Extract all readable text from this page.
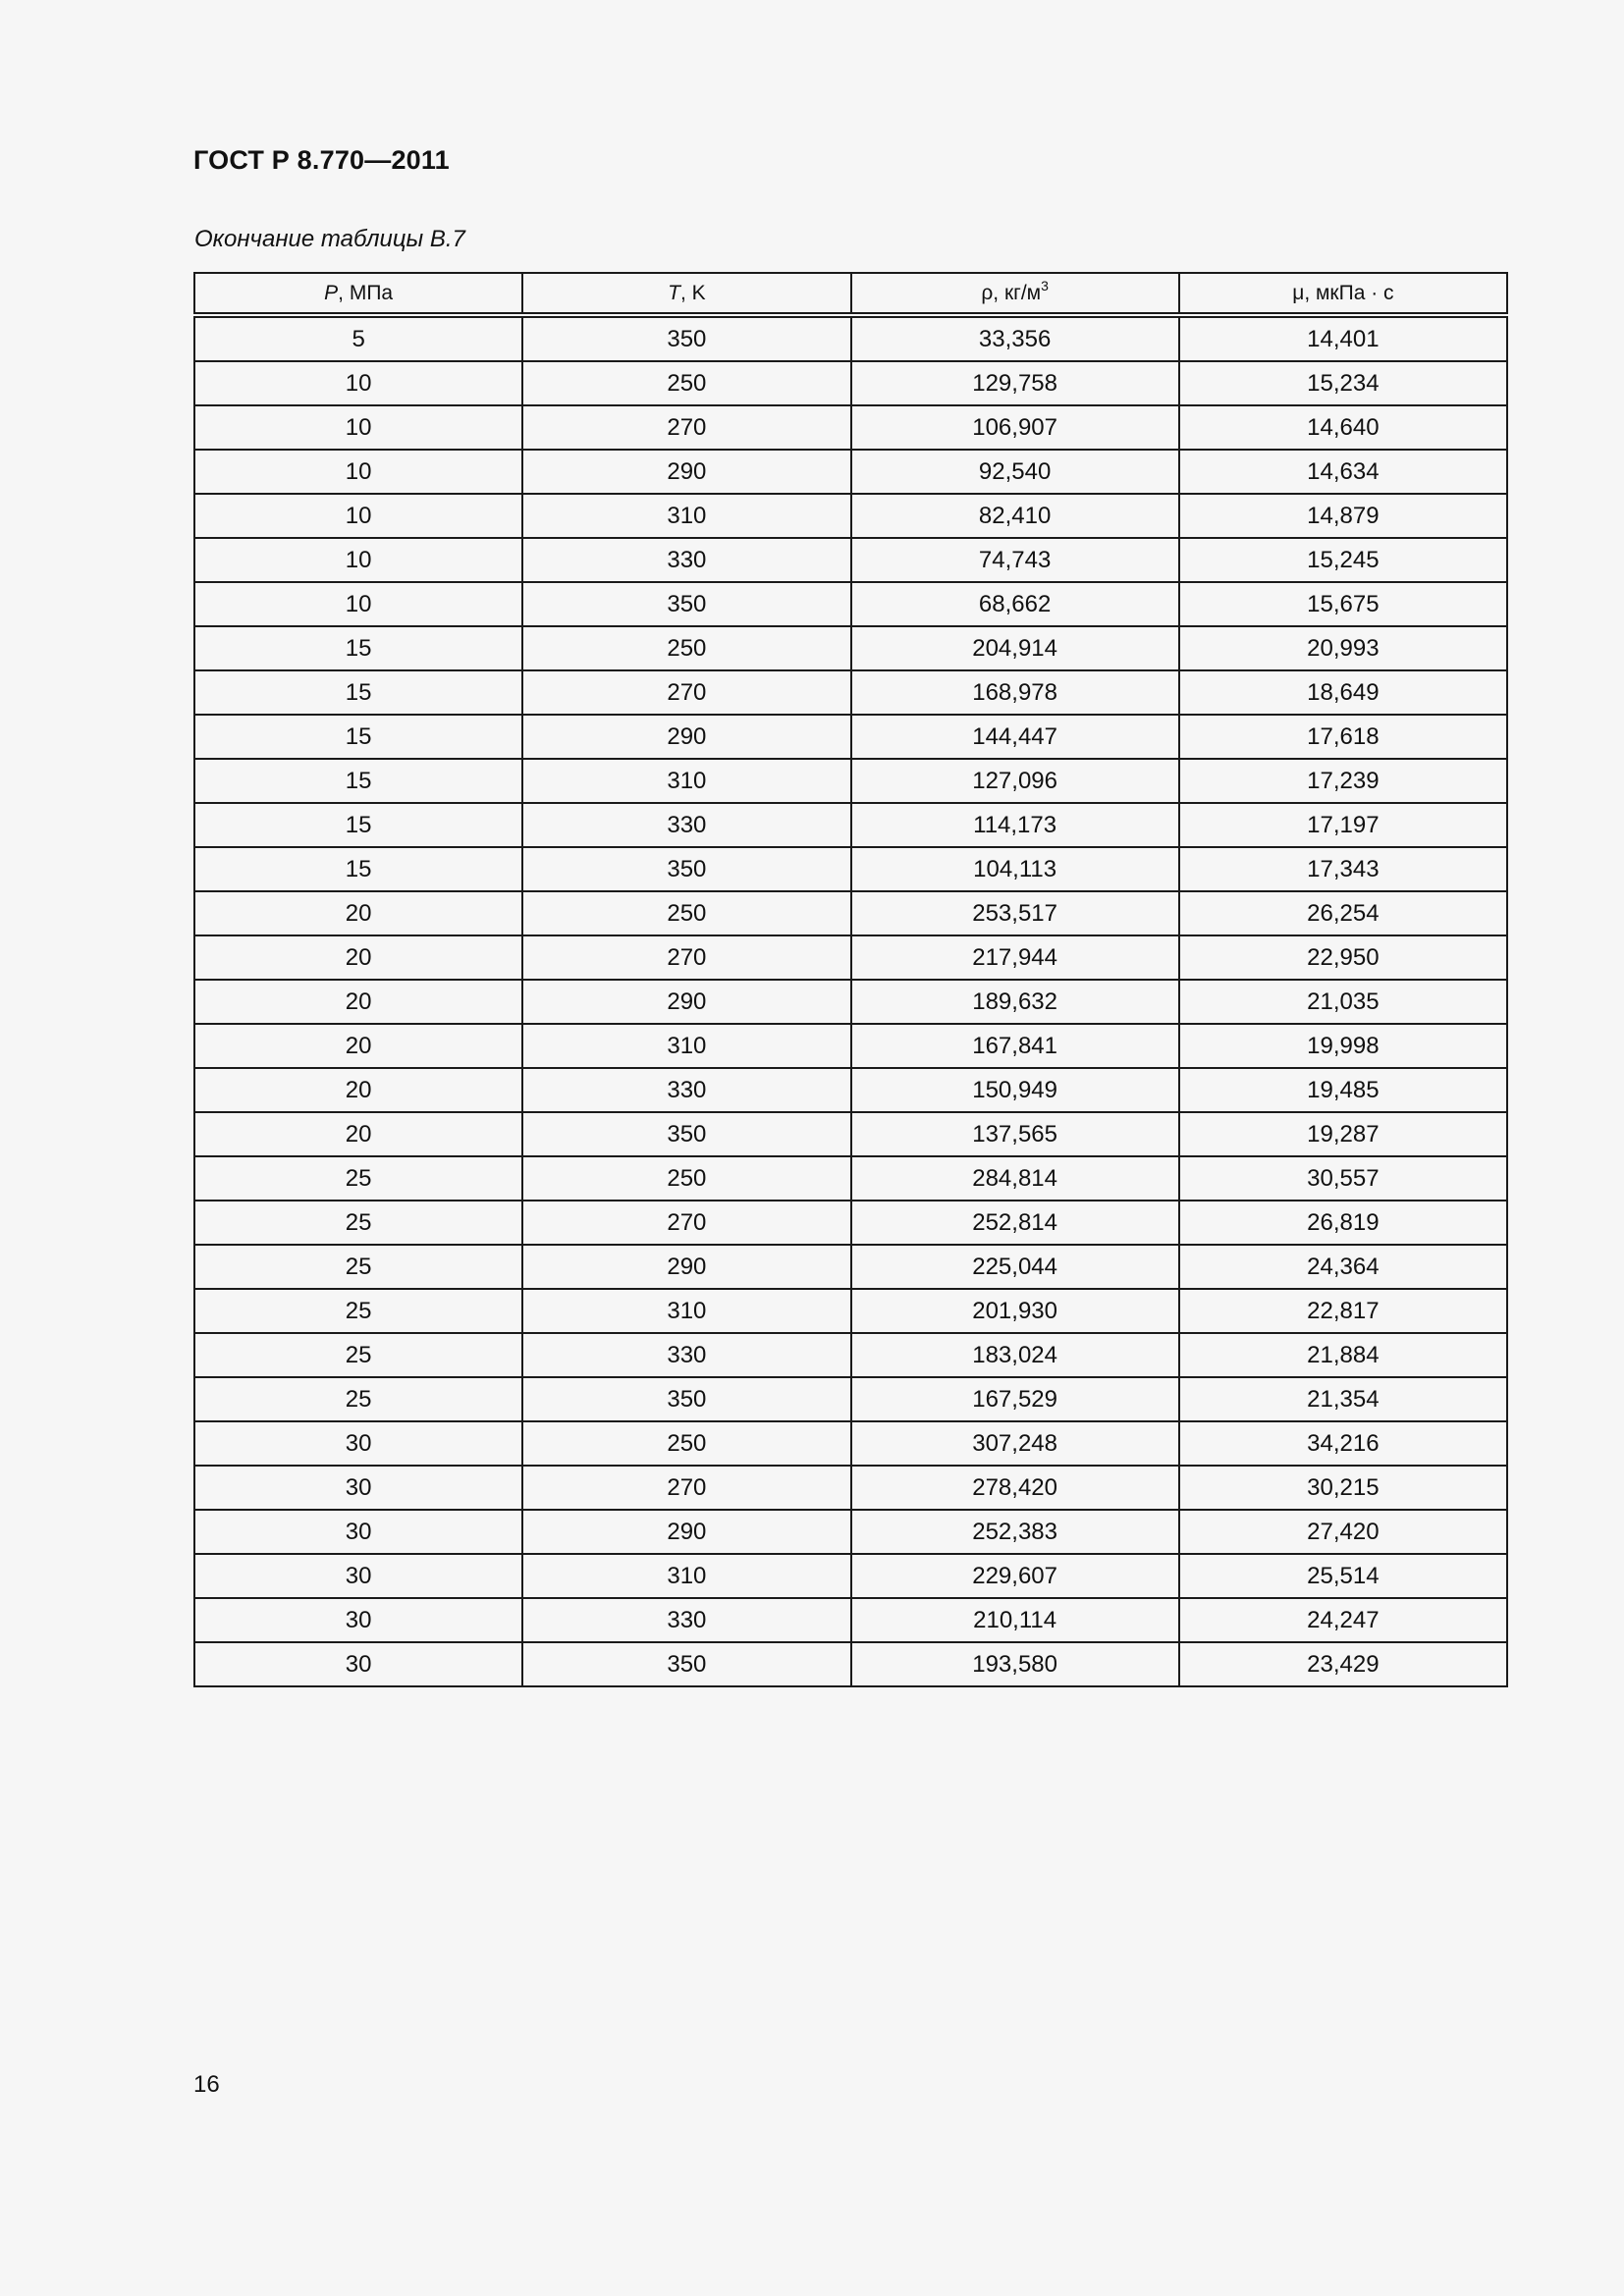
ГОСТ Р 8.770—2011
Окончание таблицы В.7
P, МПа	T, K	ρ, $кг/м^3$	μ, мкПа · с
5	350	33,356	14,401
10	250	129,758	15,234
10	270	106,907	14,640
10	290	92,540	14,634
10	310	82,410	14,879
10	330	74,743	15,245
10	350	68,662	15,675
15	250	204,914	20,993
15	270	168,978	18,649
15	290	144,447	17,618
15	310	127,096	17,239
15	330	114,173	17,197
15	350	104,113	17,343
20	250	253,517	26,254
20	270	217,944	22,950
20	290	189,632	21,035
20	310	167,841	19,998
20	330	150,949	19,485
20	350	137,565	19,287
25	250	284,814	30,557
25	270	252,814	26,819
25	290	225,044	24,364
25	310	201,930	22,817
25	330	183,024	21,884
25	350	167,529	21,354
30	250	307,248	34,216
30	270	278,420	30,215
30	290	252,383	27,420
30	310	229,607	25,514
30	330	210,114	24,247
30	350	193,580	23,429
16
